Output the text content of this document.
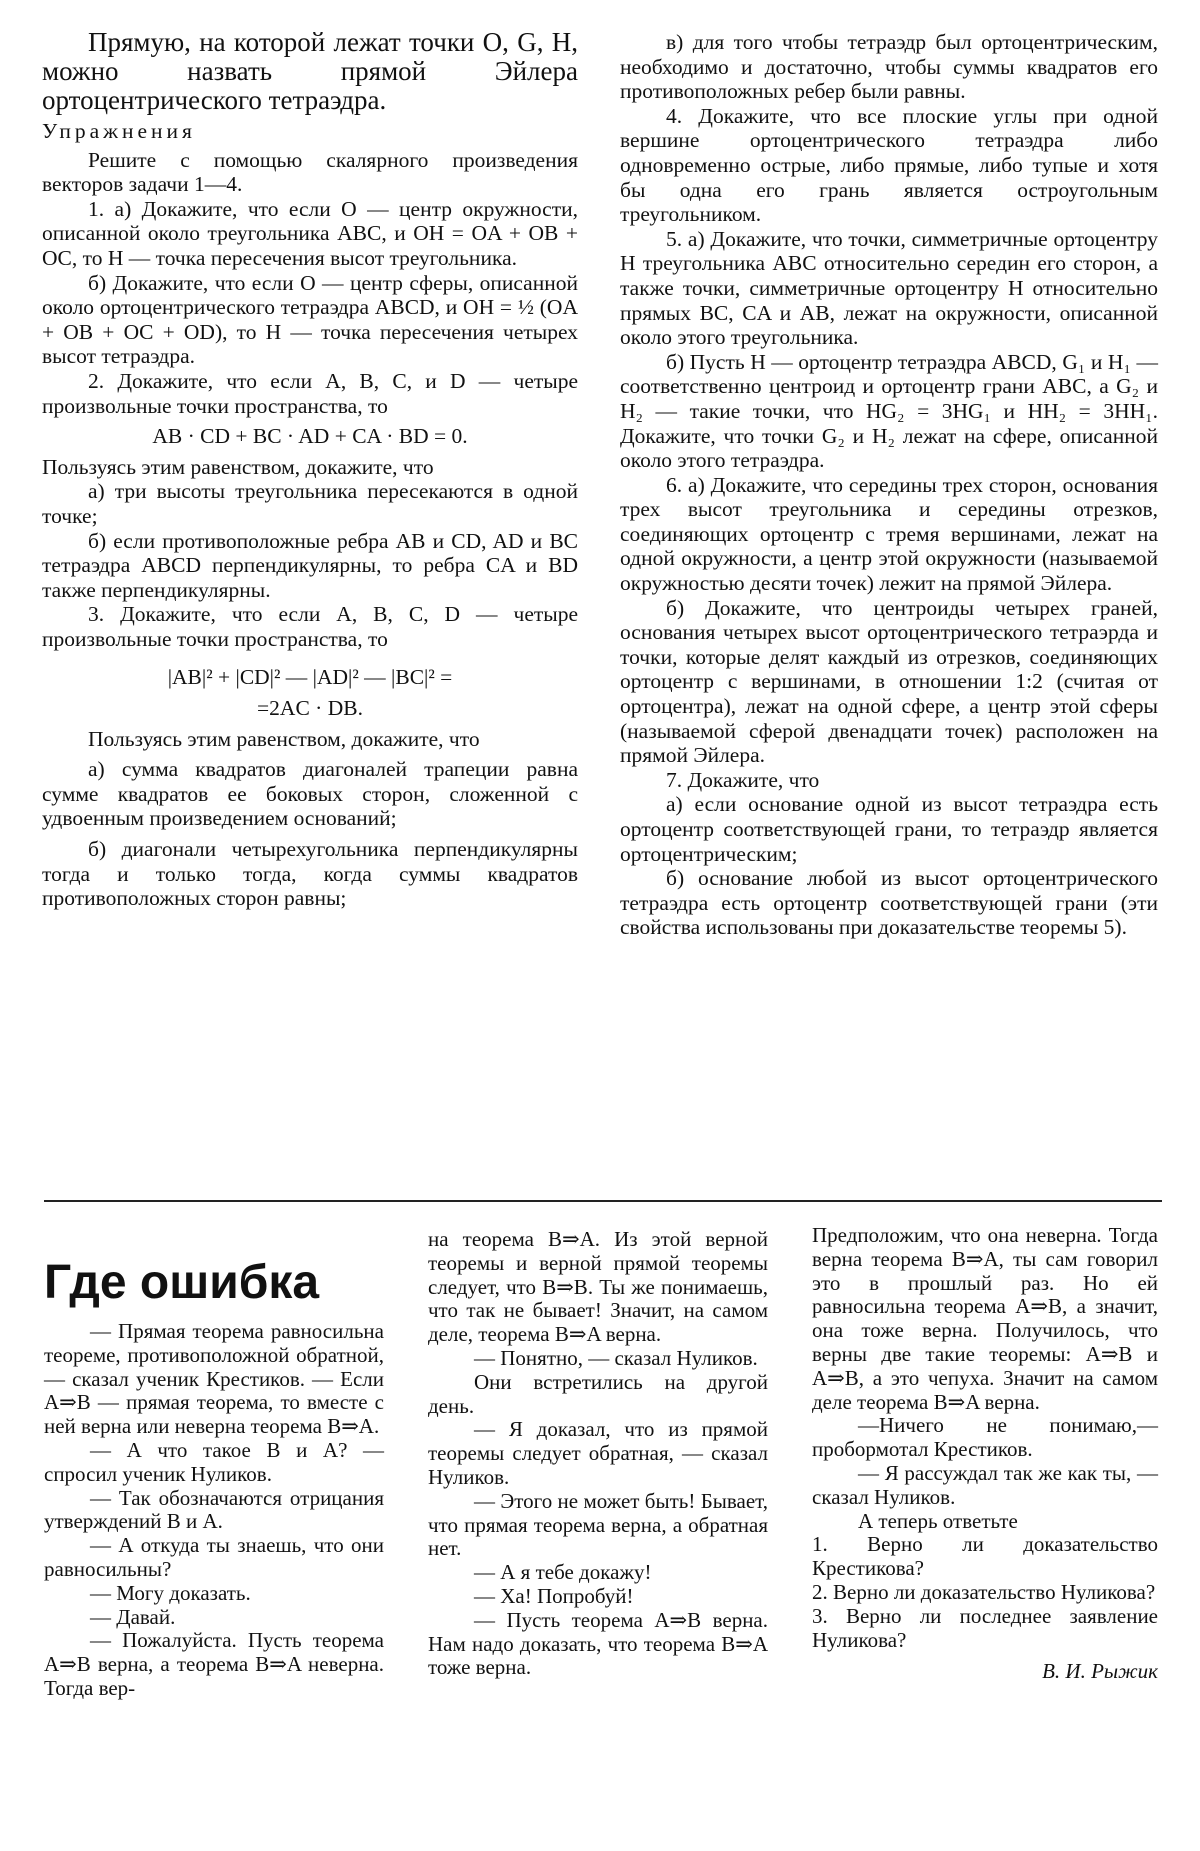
Прямую, на которой лежат точки O, G, H, можно назвать прямой Эйлера ортоцентрического тетраэдра.

Упражнения

Решите с помощью скалярного произведения векторов задачи 1—4.

1. а) Докажите, что если O — центр окружности, описанной около треугольника ABC, и OH = OA + OB + OC, то H — точка пересечения высот треугольника.

б) Докажите, что если O — центр сферы, описанной около ортоцентрического тетраэдра ABCD, и OH = ½ (OA + OB + OC + OD), то H — точка пересечения четырех высот тетраэдра.

2. Докажите, что если A, B, C, и D — четыре произвольные точки пространства, то

AB · CD + BC · AD + CA · BD = 0.

Пользуясь этим равенством, докажите, что

а) три высоты треугольника пересекаются в одной точке;

б) если противоположные ребра AB и CD, AD и BC тетраэдра ABCD перпендикулярны, то ребра CA и BD также перпендикулярны.

3. Докажите, что если A, B, C, D — четыре произвольные точки пространства, то

|AB|² + |CD|² — |AD|² — |BC|² =

=2AC · DB.

Пользуясь этим равенством, докажите, что

а) сумма квадратов диагоналей трапеции равна сумме квадратов ее боковых сторон, сложенной с удвоенным произведением оснований;

б) диагонали четырехугольника перпендикулярны тогда и только тогда, когда суммы квадратов противоположных сторон равны;

в) для того чтобы тетраэдр был ортоцентрическим, необходимо и достаточно, чтобы суммы квадратов его противоположных ребер были равны.

4. Докажите, что все плоские углы при одной вершине ортоцентрического тетраэдра либо одновременно острые, либо прямые, либо тупые и хотя бы одна его грань является остроугольным треугольником.

5. а) Докажите, что точки, симметричные ортоцентру H треугольника ABC относительно середин его сторон, а также точки, симметричные ортоцентру H относительно прямых BC, CA и AB, лежат на окружности, описанной около этого треугольника.

б) Пусть H — ортоцентр тетраэдра ABCD, G₁ и H₁ — соответственно центроид и ортоцентр грани ABC, а G₂ и H₂ — такие точки, что HG₂ = 3HG₁ и HH₂ = 3HH₁. Докажите, что точки G₂ и H₂ лежат на сфере, описанной около этого тетраэдра.

6. а) Докажите, что середины трех сторон, основания трех высот треугольника и середины отрезков, соединяющих ортоцентр с тремя вершинами, лежат на одной окружности, а центр этой окружности (называемой окружностью десяти точек) лежит на прямой Эйлера.

б) Докажите, что центроиды четырех граней, основания четырех высот ортоцентрического тетраэрда и точки, которые делят каждый из отрезков, соединяющих ортоцентр с вершинами, в отношении 1:2 (считая от ортоцентра), лежат на одной сфере, а центр этой сферы (называемой сферой двенадцати точек) расположен на прямой Эйлера.

7. Докажите, что

а) если основание одной из высот тетраэдра есть ортоцентр соответствующей грани, то тетраэдр является ортоцентрическим;

б) основание любой из высот ортоцентрического тетраэдра есть ортоцентр соответствующей грани (эти свойства использованы при доказательстве теоремы 5).

Где ошибка

— Прямая теорема равносильна теореме, противоположной обратной, — сказал ученик Крестиков. — Если A⇒B — прямая теорема, то вместе с ней верна или неверна теорема B⇒A.

— А что такое B и A? — спросил ученик Нуликов.

— Так обозначаются отрицания утверждений B и A.

— А откуда ты знаешь, что они равносильны?

— Могу доказать.

— Давай.

— Пожалуйста. Пусть теорема A⇒B верна, а теорема B⇒A неверна. Тогда вер-

на теорема B⇒A. Из этой верной теоремы и верной прямой теоремы следует, что B⇒B. Ты же понимаешь, что так не бывает! Значит, на самом деле, теорема B⇒A верна.

— Понятно, — сказал Нуликов.

Они встретились на другой день.

— Я доказал, что из прямой теоремы следует обратная, — сказал Нуликов.

— Этого не может быть! Бывает, что прямая теорема верна, а обратная нет.

— А я тебе докажу!

— Ха! Попробуй!

— Пусть теорема A⇒B верна. Нам надо доказать, что теорема B⇒A тоже верна.

Предположим, что она неверна. Тогда верна теорема B⇒A, ты сам говорил это в прошлый раз. Но ей равносильна теорема A⇒B, а значит, она тоже верна. Получилось, что верны две такие теоремы: A⇒B и A⇒B, а это чепуха. Значит на самом деле теорема B⇒A верна.

—Ничего не понимаю,— пробормотал Крестиков.

— Я рассуждал так же как ты, — сказал Нуликов.

А теперь ответьте

1. Верно ли доказательство Крестикова?

2. Верно ли доказательство Нуликова?

3. Верно ли последнее заявление Нуликова?

В. И. Рыжик
